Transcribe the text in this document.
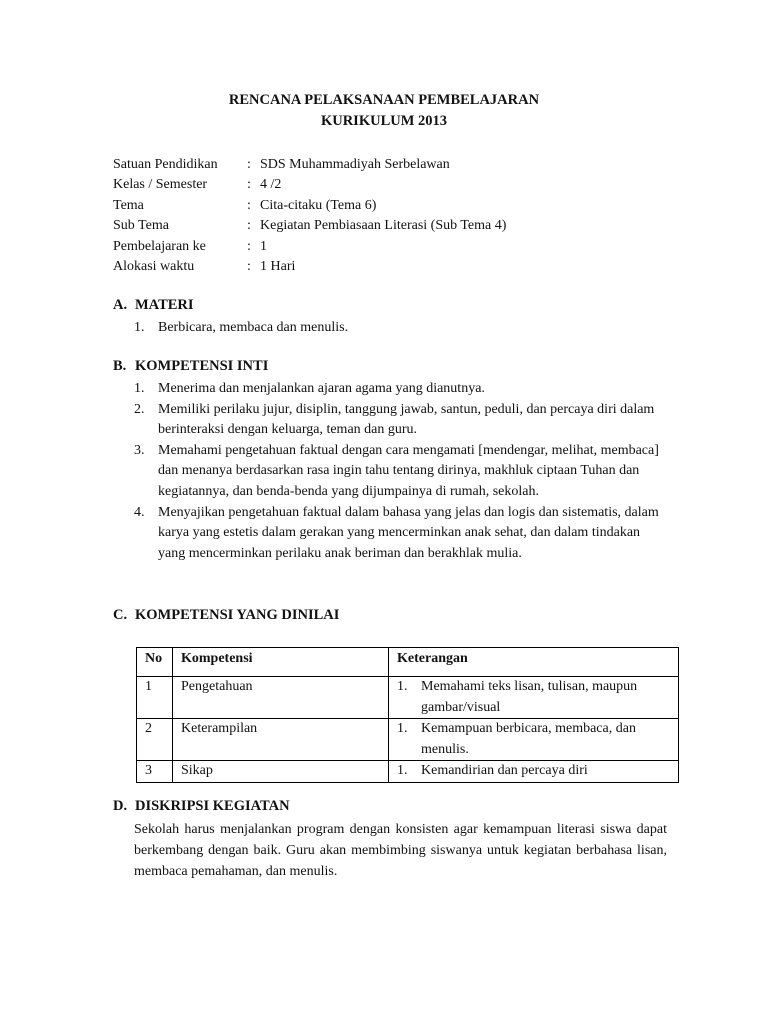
RENCANA PELAKSANAAN PEMBELAJARAN
KURIKULUM 2013
Satuan Pendidikan : SDS Muhammadiyah Serbelawan
Kelas / Semester	: 4 /2
Tema	: Cita-citaku (Tema 6)
Sub Tema	: Kegiatan Pembiasaan Literasi (Sub Tema 4)
Pembelajaran ke	: 1
Alokasi waktu	: 1 Hari
A. MATERI
1. Berbicara, membaca dan menulis.
B. KOMPETENSI INTI
1. Menerima dan menjalankan ajaran agama yang dianutnya.
2. Memiliki perilaku jujur, disiplin, tanggung jawab, santun, peduli, dan percaya diri dalam berinteraksi dengan keluarga, teman dan guru.
3. Memahami pengetahuan faktual dengan cara mengamati [mendengar, melihat, membaca] dan menanya berdasarkan rasa ingin tahu tentang dirinya, makhluk ciptaan Tuhan dan kegiatannya, dan benda-benda yang dijumpainya di rumah, sekolah.
4. Menyajikan pengetahuan faktual dalam bahasa yang jelas dan logis dan sistematis, dalam karya yang estetis dalam gerakan yang mencerminkan anak sehat, dan dalam tindakan yang mencerminkan perilaku anak beriman dan berakhlak mulia.
C. KOMPETENSI YANG DINILAI
No	Kompetensi	Keterangan
1	Pengetahuan	1. Memahami teks lisan, tulisan, maupun gambar/visual

2	Keterampilan	1. Kemampuan berbicara, membaca, dan menulis.

3	Sikap	1. Kemandirian dan percaya diri
D. DISKRIPSI KEGIATAN
Sekolah harus menjalankan program dengan konsisten agar kemampuan literasi siswa dapat berkembang dengan baik. Guru akan membimbing siswanya untuk kegiatan berbahasa lisan, membaca pemahaman, dan menulis.
